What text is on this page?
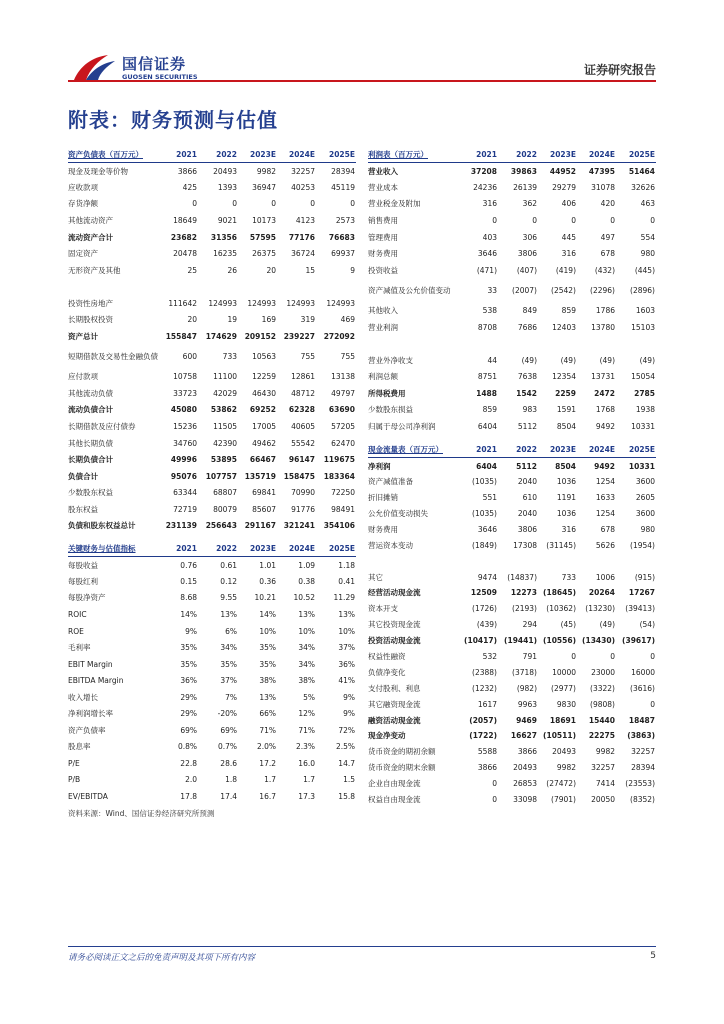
国信证券
GUOSEN SECURITIES	证券研究报告
附表：财务预测与估值
资产负债表（百万元）	2021	2022	2023E	2024E	2025E
现金及现金等价物	3866	20493	9982	32257	28394
应收款项	425	1393	36947	40253	45119
存货净额	0	0	0	0	0
其他流动资产	18649	9021	10173	4123	2573
流动资产合计	23682	31356	57595	77176	76683
固定资产	20478	16235	26375	36724	69937
无形资产及其他	25	26	20	15	9

投资性房地产	111642	124993	124993	124993	124993
长期股权投资	20	19	169	319	469
资产总计	155847	174629	209152	239227	272092
短期借款及交易性金融负债	600	733	10563	755	755
应付款项	10758	11100	12259	12861	13138
其他流动负债	33723	42029	46430	48712	49797
流动负债合计	45080	53862	69252	62328	63690
长期借款及应付债券	15236	11505	17005	40605	57205
其他长期负债	34760	42390	49462	55542	62470
长期负债合计	49996	53895	66467	96147	119675
负债合计	95076	107757	135719	158475	183364
少数股东权益	63344	68807	69841	70990	72250
股东权益	72719	80079	85607	91776	98491
负债和股东权益总计	231139	256643	291167	321241	354106
利润表（百万元）	2021	2022	2023E	2024E	2025E
营业收入	37208	39863	44952	47395	51464
营业成本	24236	26139	29279	31078	32626
营业税金及附加	316	362	406	420	463
销售费用	0	0	0	0	0
管理费用	403	306	445	497	554
财务费用	3646	3806	316	678	980
投资收益	(471)	(407)	(419)	(432)	(445)
资产减值及公允价值变动	33	(2007)	(2542)	(2296)	(2896)
其他收入	538	849	859	1786	1603
营业利润	8708	7686	12403	13780	15103

营业外净收支	44	(49)	(49)	(49)	(49)
利润总额	8751	7638	12354	13731	15054
所得税费用	1488	1542	2259	2472	2785
少数股东损益	859	983	1591	1768	1938
归属于母公司净利润	6404	5112	8504	9492	10331
关键财务与估值指标	2021	2022	2023E	2024E	2025E
每股收益	0.76	0.61	1.01	1.09	1.18
每股红利	0.15	0.12	0.36	0.38	0.41
每股净资产	8.68	9.55	10.21	10.52	11.29
ROIC	14%	13%	14%	13%	13%
ROE	9%	6%	10%	10%	10%
毛利率	35%	34%	35%	34%	37%
EBIT Margin	35%	35%	35%	34%	36%
EBITDA Margin	36%	37%	38%	38%	41%
收入增长	29%	7%	13%	5%	9%
净利润增长率	29%	-20%	66%	12%	9%
资产负债率	69%	69%	71%	71%	72%
股息率	0.8%	0.7%	2.0%	2.3%	2.5%
P/E	22.8	28.6	17.2	16.0	14.7
P/B	2.0	1.8	1.7	1.7	1.5
EV/EBITDA	17.8	17.4	16.7	17.3	15.8
现金流量表（百万元）	2021	2022	2023E	2024E	2025E
净利润	6404	5112	8504	9492	10331
资产减值准备	(1035)	2040	1036	1254	3600
折旧摊销	551	610	1191	1633	2605
公允价值变动损失	(1035)	2040	1036	1254	3600
财务费用	3646	3806	316	678	980
营运资本变动	(1849)	17308	(31145)	5626	(1954)

其它	9474	(14837)	733	1006	(915)
经营活动现金流	12509	12273	(18645)	20264	17267
资本开支	(1726)	(2193)	(10362)	(13230)	(39413)
其它投资现金流	(439)	294	(45)	(49)	(54)
投资活动现金流	(10417)	(19441)	(10556)	(13430)	(39617)
权益性融资	532	791	0	0	0
负债净变化	(2388)	(3718)	10000	23000	16000
支付股利、利息	(1232)	(982)	(2977)	(3322)	(3616)
其它融资现金流	1617	9963	9830	(9808)	0
融资活动现金流	(2057)	9469	18691	15440	18487
现金净变动	(1722)	16627	(10511)	22275	(3863)
货币资金的期初余额	5588	3866	20493	9982	32257
货币资金的期末余额	3866	20493	9982	32257	28394
企业自由现金流	0	26853	(27472)	7414	(23553)
权益自由现金流	0	33098	(7901)	20050	(8352)
资料来源：Wind、国信证券经济研究所预测
请务必阅读正文之后的免责声明及其项下所有内容	5
